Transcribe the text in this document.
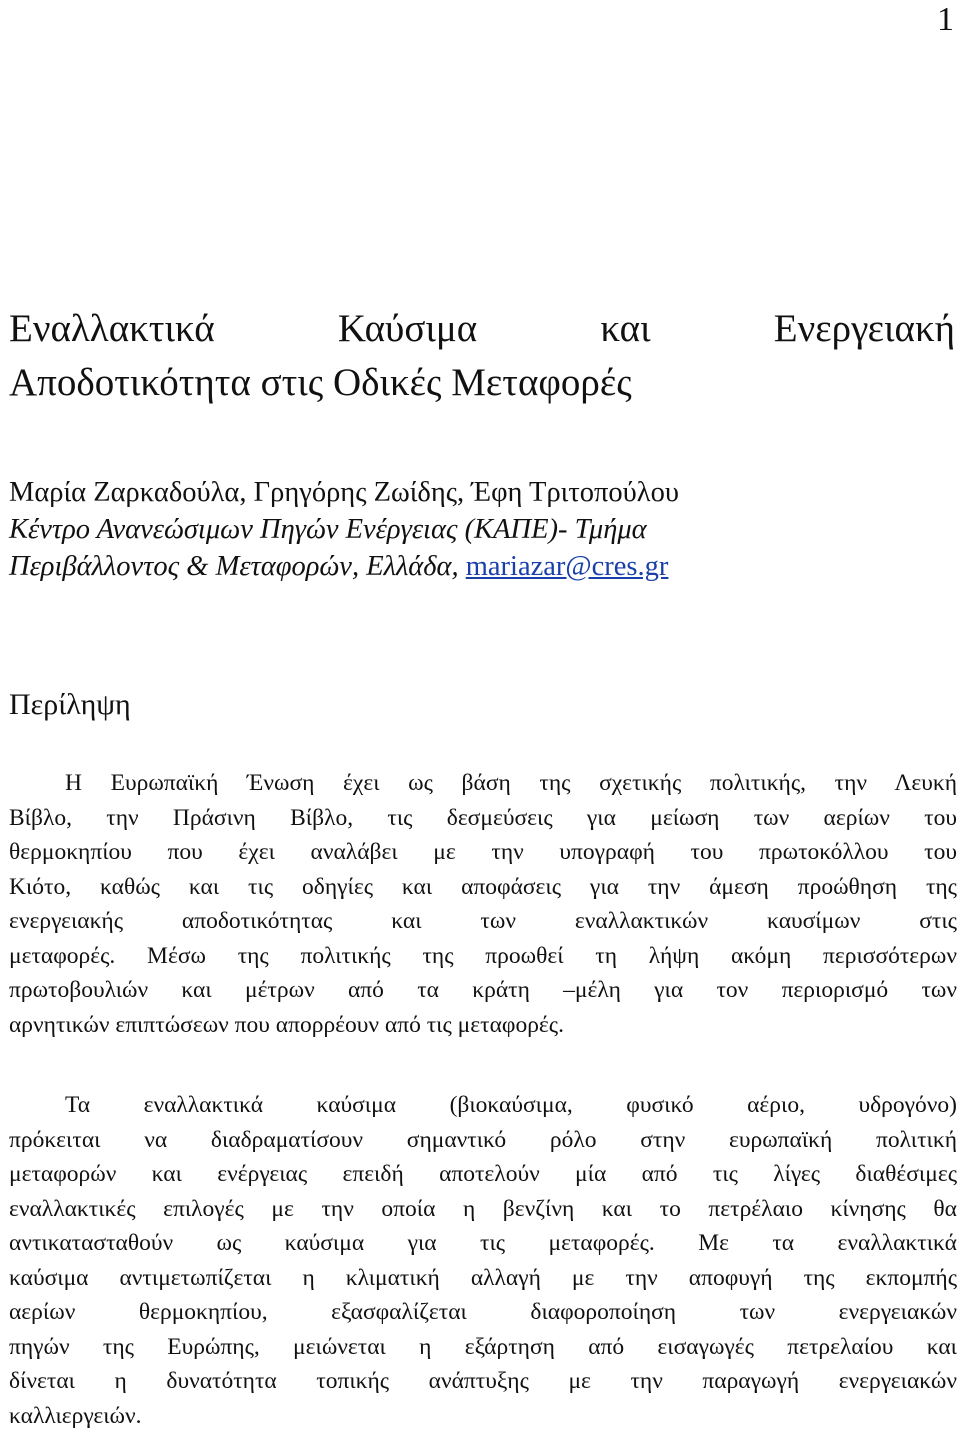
1
Εναλλακτικά Καύσιμα και Ενεργειακή
Αποδοτικότητα στις Οδικές Μεταφορές
Μαρία Ζαρκαδούλα, Γρηγόρης Ζωίδης, Έφη Τριτοπούλου
Κέντρο Ανανεώσιμων Πηγών Ενέργειας (ΚΑΠΕ)- Τμήμα
Περιβάλλοντος & Μεταφορών, Ελλάδα, mariazar@cres.gr
Περίληψη
Η Ευρωπαϊκή Ένωση έχει ως βάση της σχετικής πολιτικής, την Λευκή
Βίβλο, την Πράσινη Βίβλο, τις δεσμεύσεις για μείωση των αερίων του
θερμοκηπίου που έχει αναλάβει με την υπογραφή του πρωτοκόλλου του
Κιότο, καθώς και τις οδηγίες και αποφάσεις για την άμεση προώθηση της
ενεργειακής αποδοτικότητας και των εναλλακτικών καυσίμων στις
μεταφορές. Μέσω της πολιτικής της προωθεί τη λήψη ακόμη περισσότερων
πρωτοβουλιών και μέτρων από τα κράτη –μέλη για τον περιορισμό των
αρνητικών επιπτώσεων που απορρέουν από τις μεταφορές.
Τα εναλλακτικά καύσιμα (βιοκαύσιμα, φυσικό αέριο, υδρογόνο)
πρόκειται να διαδραματίσουν σημαντικό ρόλο στην ευρωπαϊκή πολιτική
μεταφορών και ενέργειας επειδή αποτελούν μία από τις λίγες διαθέσιμες
εναλλακτικές επιλογές με την οποία η βενζίνη και το πετρέλαιο κίνησης θα
αντικατασταθούν ως καύσιμα για τις μεταφορές. Με τα εναλλακτικά
καύσιμα αντιμετωπίζεται η κλιματική αλλαγή με την αποφυγή της εκπομπής
αερίων θερμοκηπίου, εξασφαλίζεται διαφοροποίηση των ενεργειακών
πηγών της Ευρώπης, μειώνεται η εξάρτηση από εισαγωγές πετρελαίου και
δίνεται η δυνατότητα τοπικής ανάπτυξης με την παραγωγή ενεργειακών
καλλιεργειών.
